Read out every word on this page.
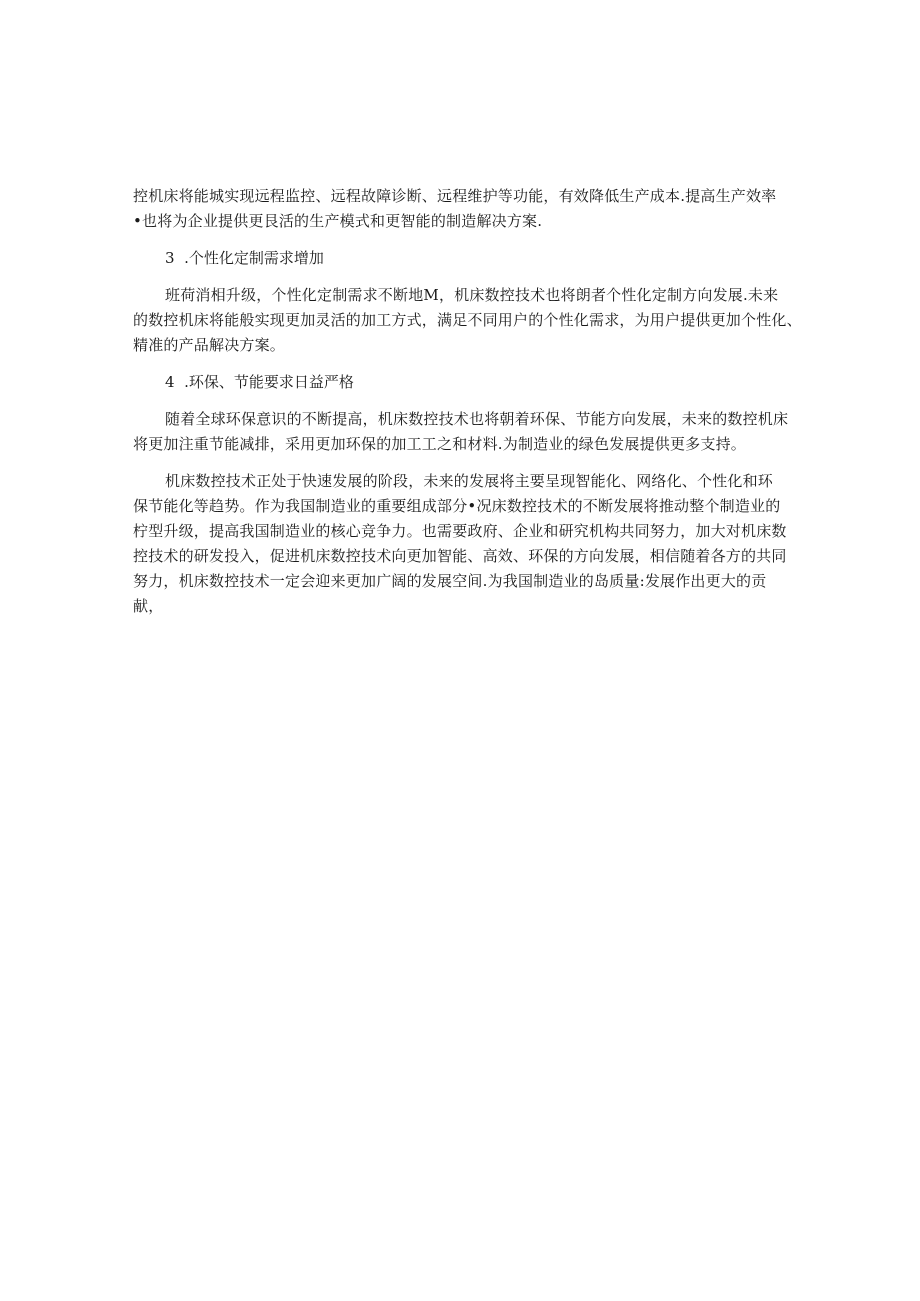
控机床将能城实现远程监控、远程故障诊断、远程维护等功能，有效降低生产成本.提高生产效率
•也将为企业提供更艮活的生产模式和更智能的制造解决方案.

3  .个性化定制需求增加

班荷消相升级，个性化定制需求不断地M，机床数控技术也将朗者个性化定制方向发展.未来
的数控机床将能般实现更加灵活的加工方式，满足不同用户的个性化需求，为用户提供更加个性化、
精准的产品解决方案。

4  .环保、节能要求日益严格

随着全球环保意识的不断提高，机床数控技术也将朝着环保、节能方向发展，未来的数控机床
将更加注重节能减排，采用更加环保的加工工之和材料.为制造业的绿色发展提供更多支持。

机床数控技术正处于快速发展的阶段，未来的发展将主要呈现智能化、网络化、个性化和环
保节能化等趋势。作为我国制造业的重要组成部分•况床数控技术的不断发展将推动整个制造业的
柠型升级，提高我国制造业的核心竞争力。也需要政府、企业和研究机构共同努力，加大对机床数
控技术的研发投入，促进机床数控技术向更加智能、高效、环保的方向发展，相信随着各方的共同
努力，机床数控技术一定会迎来更加广阔的发展空间.为我国制造业的岛质量:发展作出更大的贡
献，
